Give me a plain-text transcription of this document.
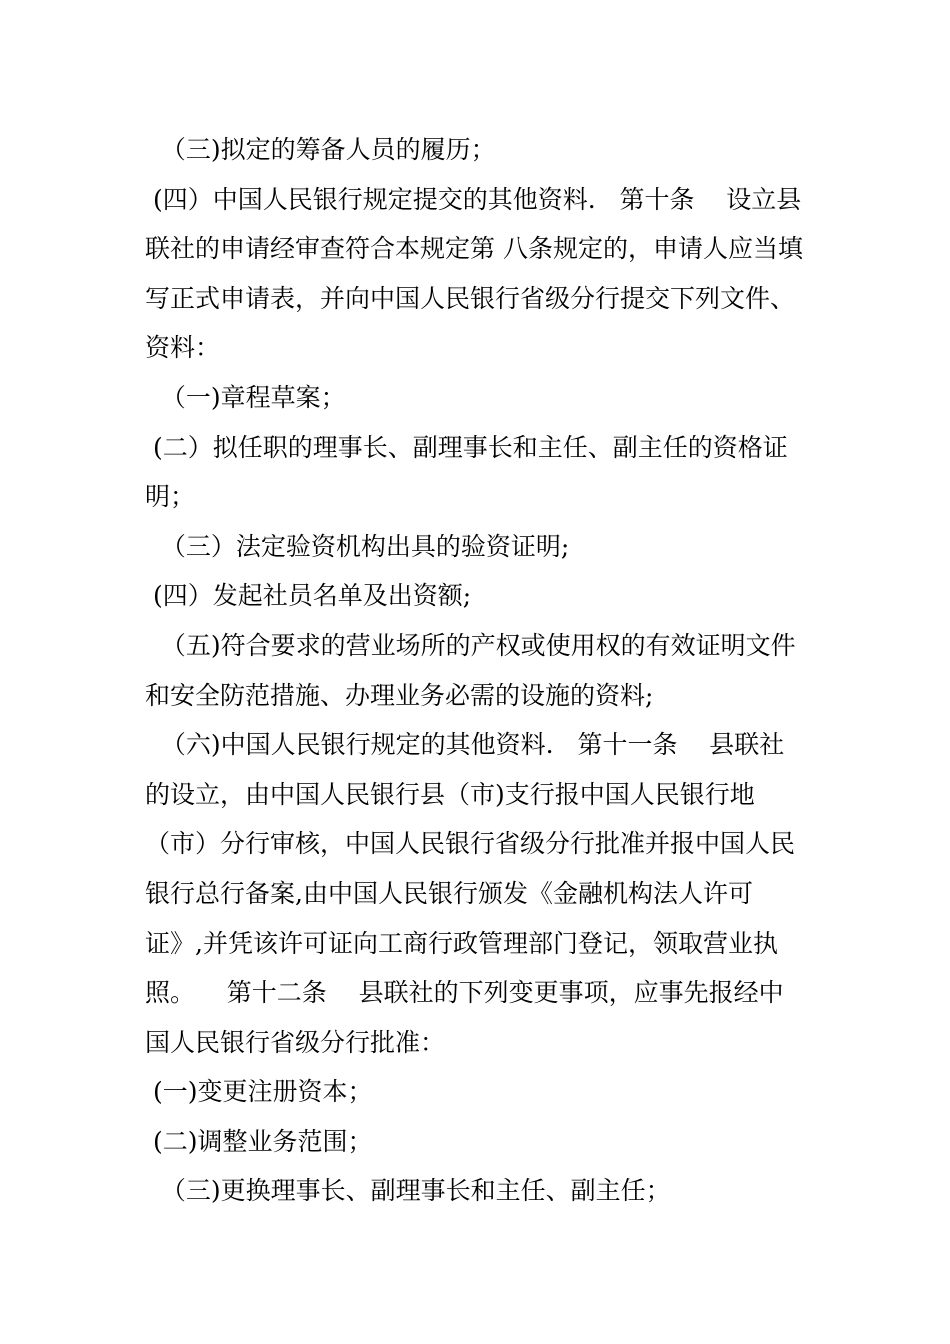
（三)拟定的筹备人员的履历；

(四）中国人民银行规定提交的其他资料.   第十条    设立县联社的申请经审查符合本规定第 八条规定的，申请人应当填写正式申请表，并向中国人民银行省级分行提交下列文件、资料：

（一)章程草案；

(二）拟任职的理事长、副理事长和主任、副主任的资格证明；

（三）法定验资机构出具的验资证明;

(四）发起社员名单及出资额;

（五)符合要求的营业场所的产权或使用权的有效证明文件和安全防范措施、办理业务必需的设施的资料;

（六)中国人民银行规定的其他资料.   第十一条    县联社的设立，由中国人民银行县（市)支行报中国人民银行地（市）分行审核，中国人民银行省级分行批准并报中国人民银行总行备案,由中国人民银行颁发《金融机构法人许可证》,并凭该许可证向工商行政管理部门登记，领取营业执照。    第十二条    县联社的下列变更事项，应事先报经中国人民银行省级分行批准：

(一)变更注册资本；

(二)调整业务范围；

（三)更换理事长、副理事长和主任、副主任；
